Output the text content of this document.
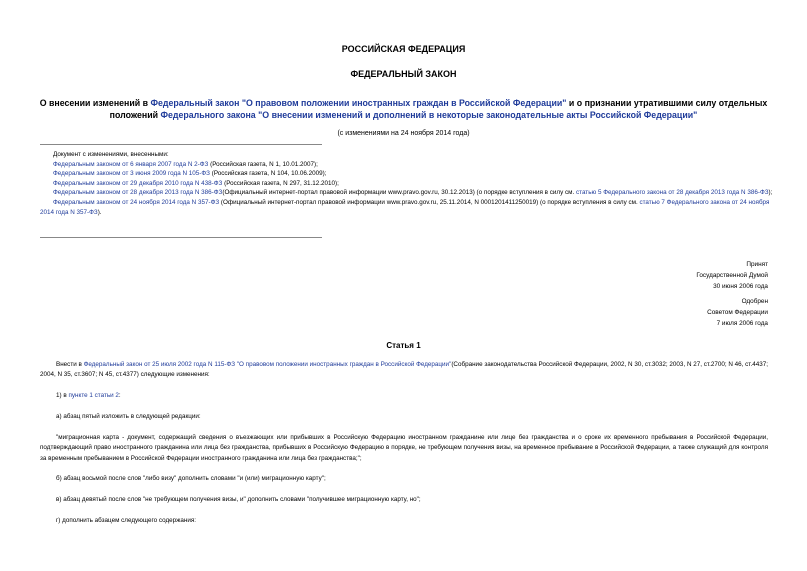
РОССИЙСКАЯ ФЕДЕРАЦИЯ
ФЕДЕРАЛЬНЫЙ ЗАКОН
О внесении изменений в Федеральный закон "О правовом положении иностранных граждан в Российской Федерации" и о признании утратившими силу отдельных положений Федерального закона "О внесении изменений и дополнений в некоторые законодательные акты Российской Федерации"
(с изменениями на 24 ноября 2014 года)
Документ с изменениями, внесенными:
Федеральным законом от 6 января 2007 года N 2-ФЗ (Российская газета, N 1, 10.01.2007);
Федеральным законом от 3 июня 2009 года N 105-ФЗ (Российская газета, N 104, 10.06.2009);
Федеральным законом от 29 декабря 2010 года N 438-ФЗ (Российская газета, N 297, 31.12.2010);
Федеральным законом от 28 декабря 2013 года N 386-ФЗ(Официальный интернет-портал правовой информации www.pravo.gov.ru, 30.12.2013) (о порядке вступления в силу см. статью 5 Федерального закона от 28 декабря 2013 года N 386-ФЗ);
Федеральным законом от 24 ноября 2014 года N 357-ФЗ (Официальный интернет-портал правовой информации www.pravo.gov.ru, 25.11.2014, N 0001201411250019) (о порядке вступления в силу см. статью 7 Федерального закона от 24 ноября 2014 года N 357-ФЗ).
Принят
Государственной Думой
30 июня 2006 года
Одобрен
Советом Федерации
7 июля 2006 года
Статья 1
Внести в Федеральный закон от 25 июля 2002 года N 115-ФЗ "О правовом положении иностранных граждан в Российской Федерации"(Собрание законодательства Российской Федерации, 2002, N 30, ст.3032; 2003, N 27, ст.2700; N 46, ст.4437; 2004, N 35, ст.3607; N 45, ст.4377) следующие изменения:
1) в пункте 1 статьи 2:
а) абзац пятый изложить в следующей редакции:
"миграционная карта - документ, содержащий сведения о въезжающих или прибывших в Российскую Федерацию иностранном гражданине или лице без гражданства и о сроке их временного пребывания в Российской Федерации, подтверждающий право иностранного гражданина или лица без гражданства, прибывших в Российскую Федерацию в порядке, не требующем получения визы, на временное пребывание в Российской Федерации, а также служащий для контроля за временным пребыванием в Российской Федерации иностранного гражданина или лица без гражданства;";
б) абзац восьмой после слов "либо визу" дополнить словами "и (или) миграционную карту";
в) абзац девятый после слов "не требующем получения визы, и" дополнить словами "получившее миграционную карту, но";
г) дополнить абзацем следующего содержания:
